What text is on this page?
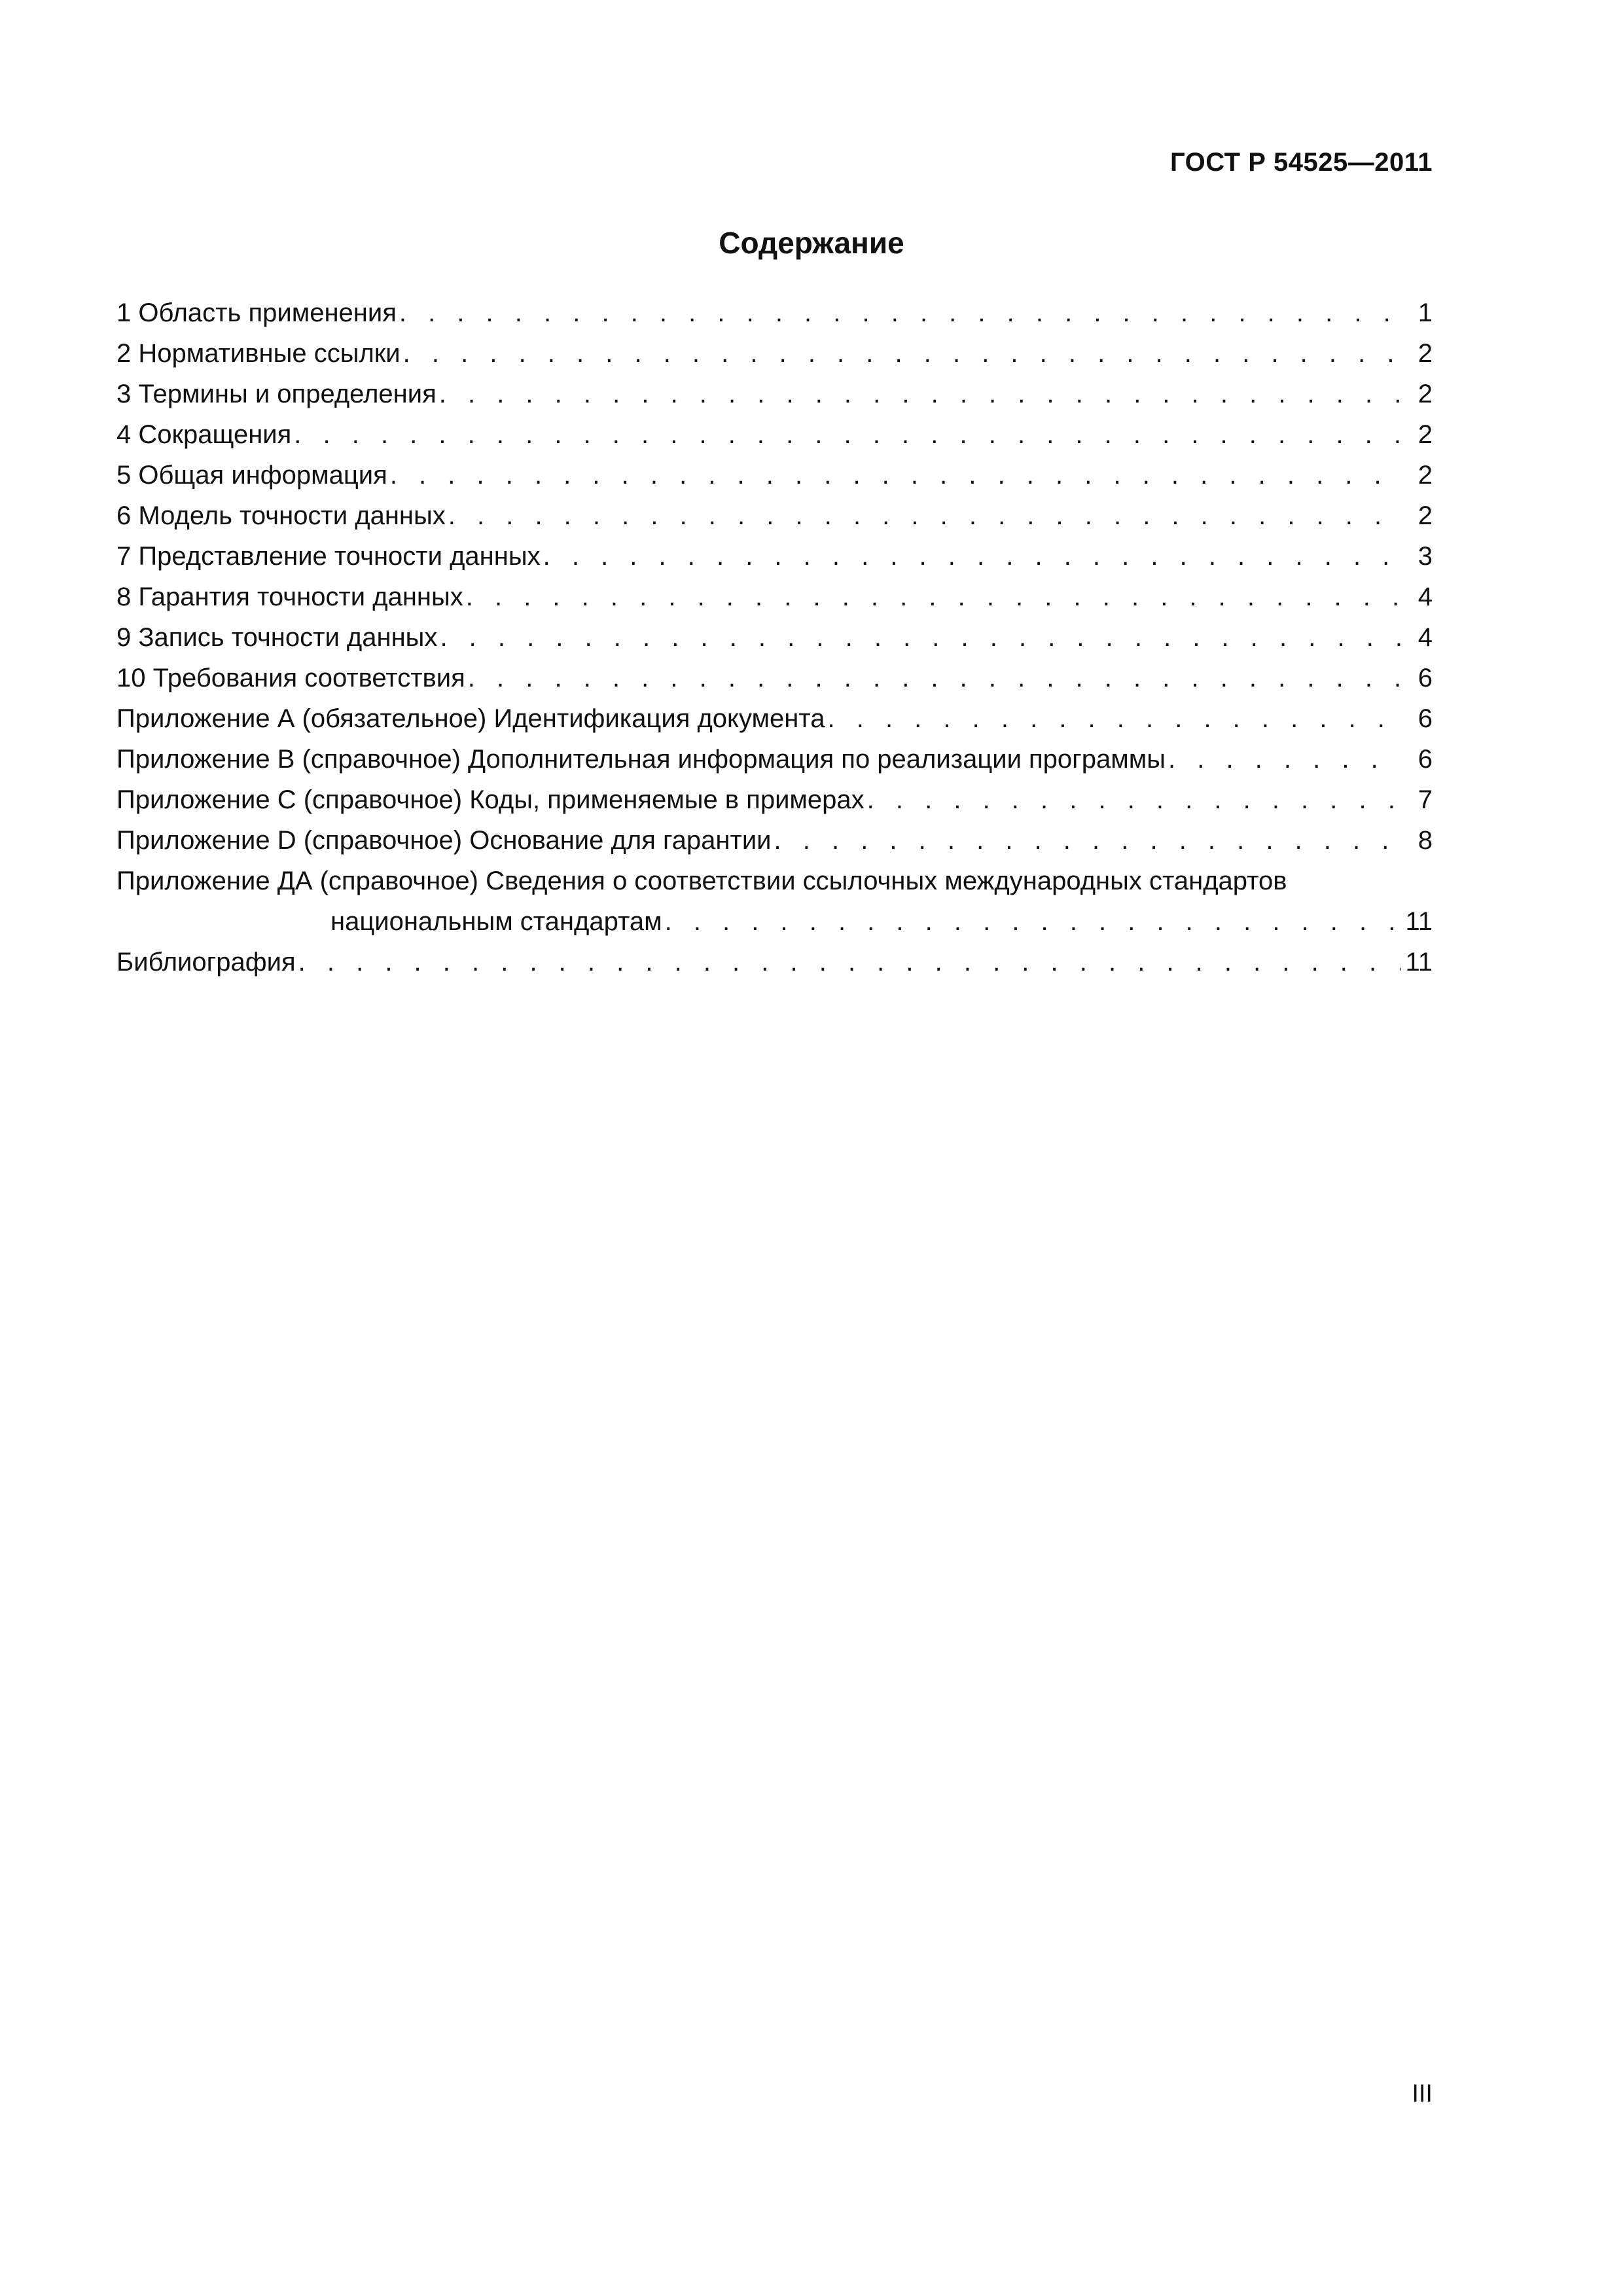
ГОСТ Р 54525—2011
Содержание
1 Область применения . . .	1
2 Нормативные ссылки . . .	2
3 Термины и определения . . .	2
4 Сокращения . . .	2
5 Общая информация . . .	2
6 Модель точности данных . . .	2
7 Представление точности данных . . .	3
8 Гарантия точности данных . . .	4
9 Запись точности данных . . .	4
10 Требования соответствия . . .	6
Приложение А (обязательное) Идентификация документа . . .	6
Приложение В (справочное) Дополнительная информация по реализации программы . . .	6
Приложение С (справочное) Коды, применяемые в примерах . . .	7
Приложение D (справочное) Основание для гарантии . . .	8
Приложение ДА (справочное) Сведения о соответствии ссылочных международных стандартов
национальным стандартам . . .	11
Библиография . . .	11
III
